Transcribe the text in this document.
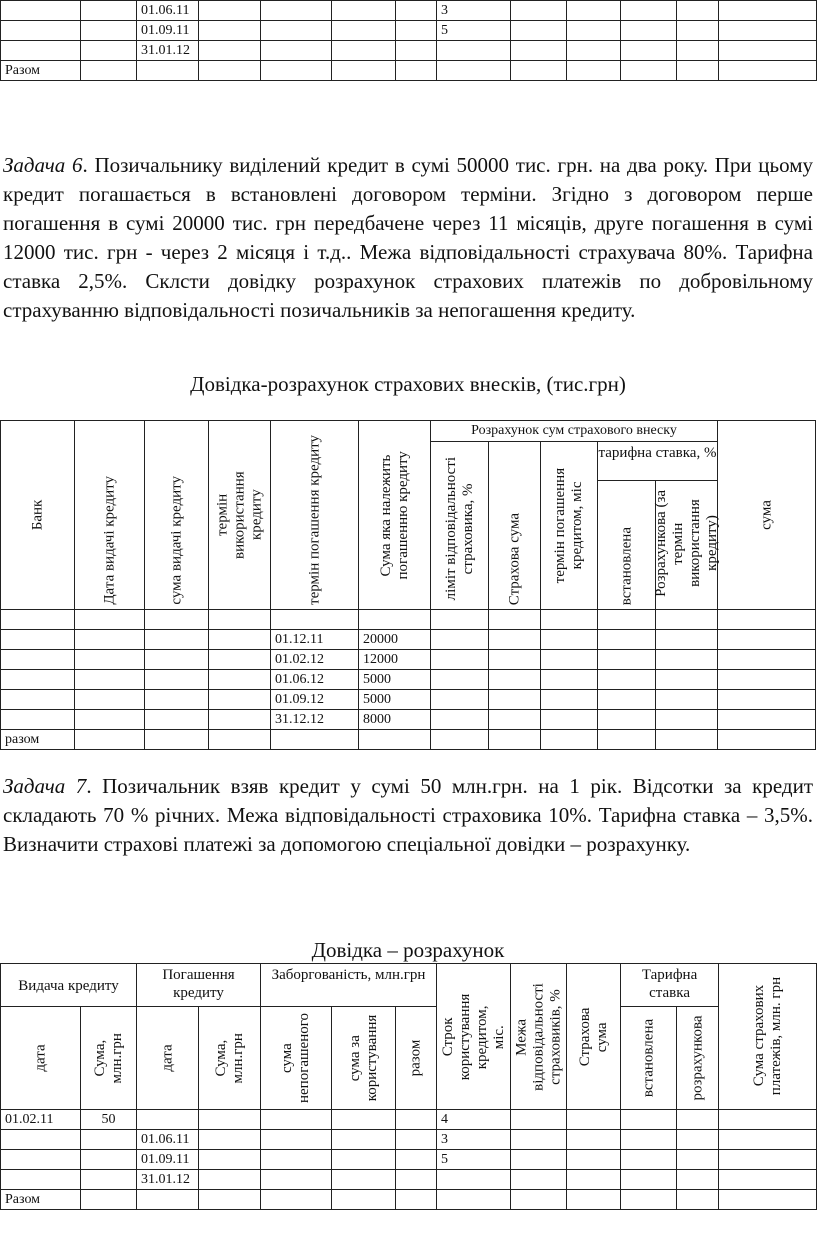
		01.06.11					3					
		01.09.11					5					
		31.01.12										
Разом												

Задача 6. Позичальнику виділений кредит в сумі 50000 тис. грн. на два року. При цьому кредит погашається в встановлені договором терміни. Згідно з договором перше погашення в сумі 20000 тис. грн передбачене через 11 місяців, друге погашення в сумі 12000 тис. грн - через 2 місяця і т.д.. Межа відповідальності страхувача 80%. Тарифна ставка 2,5%. Склсти довідку розрахунок страхових платежів по добровільному страхуванню відповідальності позичальників за непогашення кредиту.

Довідка-розрахунок страхових внесків, (тис.грн)
Банк	Дата видачі кредиту	сума видачі кредиту	термін використання кредиту	термін погашення кредиту	Сума яка належить погашенню кредиту	Розрахунок сум страхового внеску					сума

						ліміт відповідальності страховика, %	Страхова сума	термін погашення кредитом, міс	тарифна ставка, %		

									встановлена	Розрахункова (за термін використання кредиту)	

				01.12.11	20000						
				01.02.12	12000						
				01.06.12	5000						
				01.09.12	5000						
				31.12.12	8000						
разом											

Задача 7. Позичальник взяв кредит у сумі 50 млн.грн. на 1 рік. Відсотки за кредит складають 70 % річних. Межа відповідальності страховика 10%. Тарифна ставка – 3,5%. Визначити страхові платежі за допомогою спеціальної довідки – розрахунку.

Довідка – розрахунок
Видача кредиту		Погашення кредиту		Заборгованість, млн.грн			Строк користування кредитом, міс.	Межа відповідальності страховиків, %	Страхова сума	Тарифна ставка		Сума страхових платежів, млн. грн

дата	Сума, млн.грн	дата	Сума, млн.грн	сума непогашеного	сума за користування	разом				встановлена	розрахункова	

01.02.11	50						4					
		01.06.11					3					
		01.09.11					5					
		31.01.12										
Разом												
